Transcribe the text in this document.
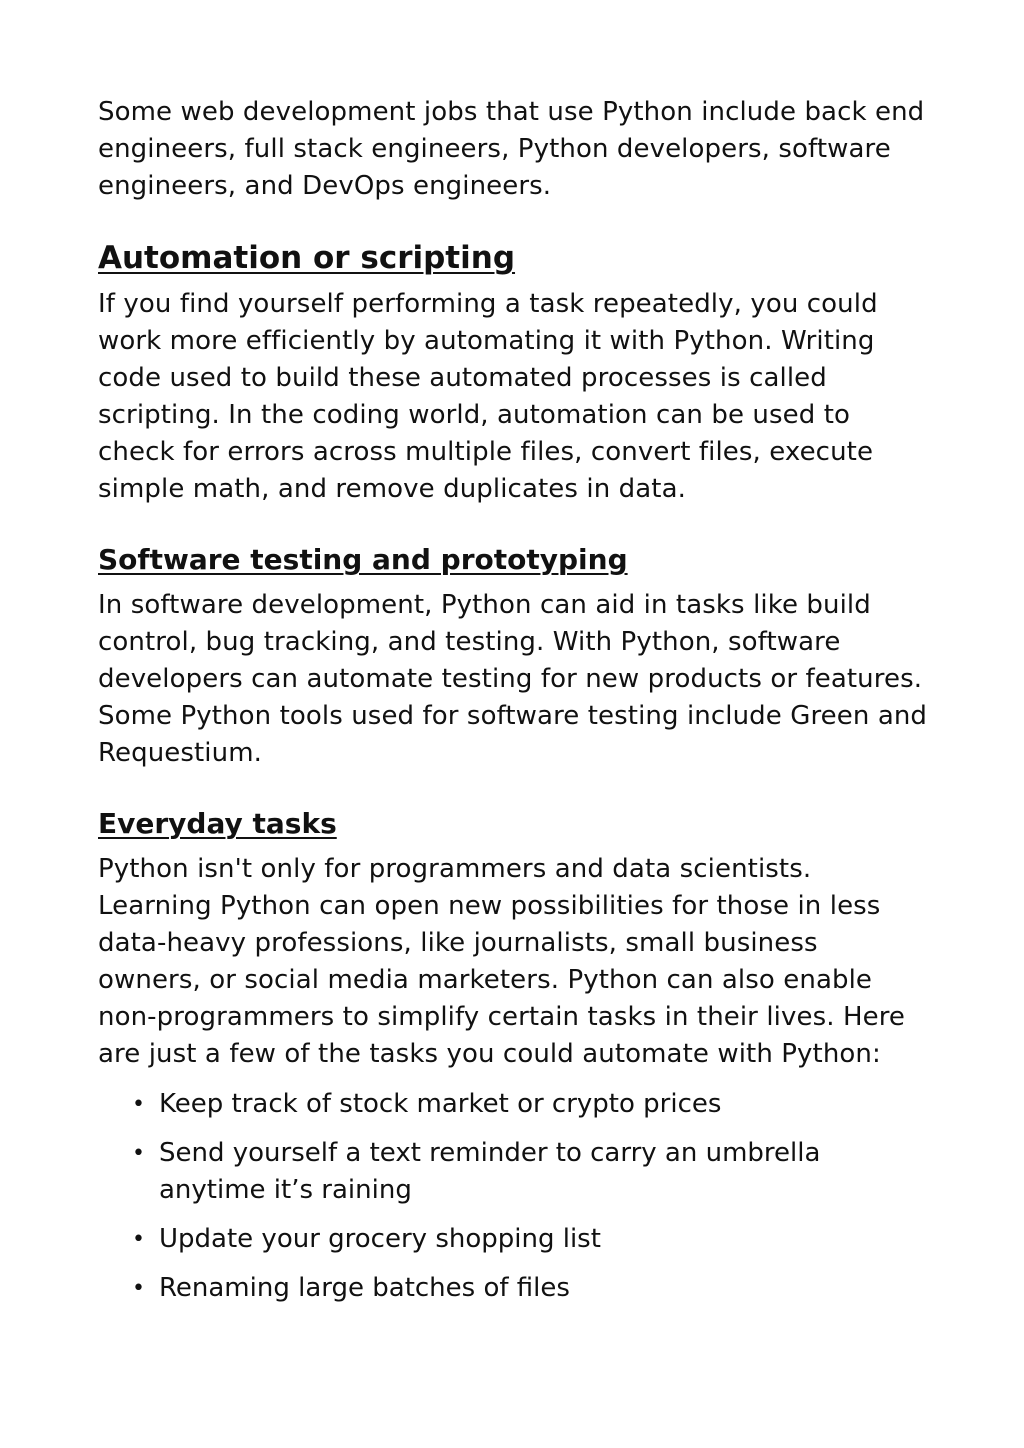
Some web development jobs that use Python include back end engineers, full stack engineers, Python developers, software engineers, and DevOps engineers.

Automation or scripting

If you find yourself performing a task repeatedly, you could work more efficiently by automating it with Python. Writing code used to build these automated processes is called scripting. In the coding world, automation can be used to check for errors across multiple files, convert files, execute simple math, and remove duplicates in data.

Software testing and prototyping

In software development, Python can aid in tasks like build control, bug tracking, and testing. With Python, software developers can automate testing for new products or features. Some Python tools used for software testing include Green and Requestium.

Everyday tasks

Python isn't only for programmers and data scientists. Learning Python can open new possibilities for those in less data-heavy professions, like journalists, small business owners, or social media marketers. Python can also enable non-programmers to simplify certain tasks in their lives. Here are just a few of the tasks you could automate with Python:

• Keep track of stock market or crypto prices
• Send yourself a text reminder to carry an umbrella anytime it’s raining
• Update your grocery shopping list
• Renaming large batches of files
